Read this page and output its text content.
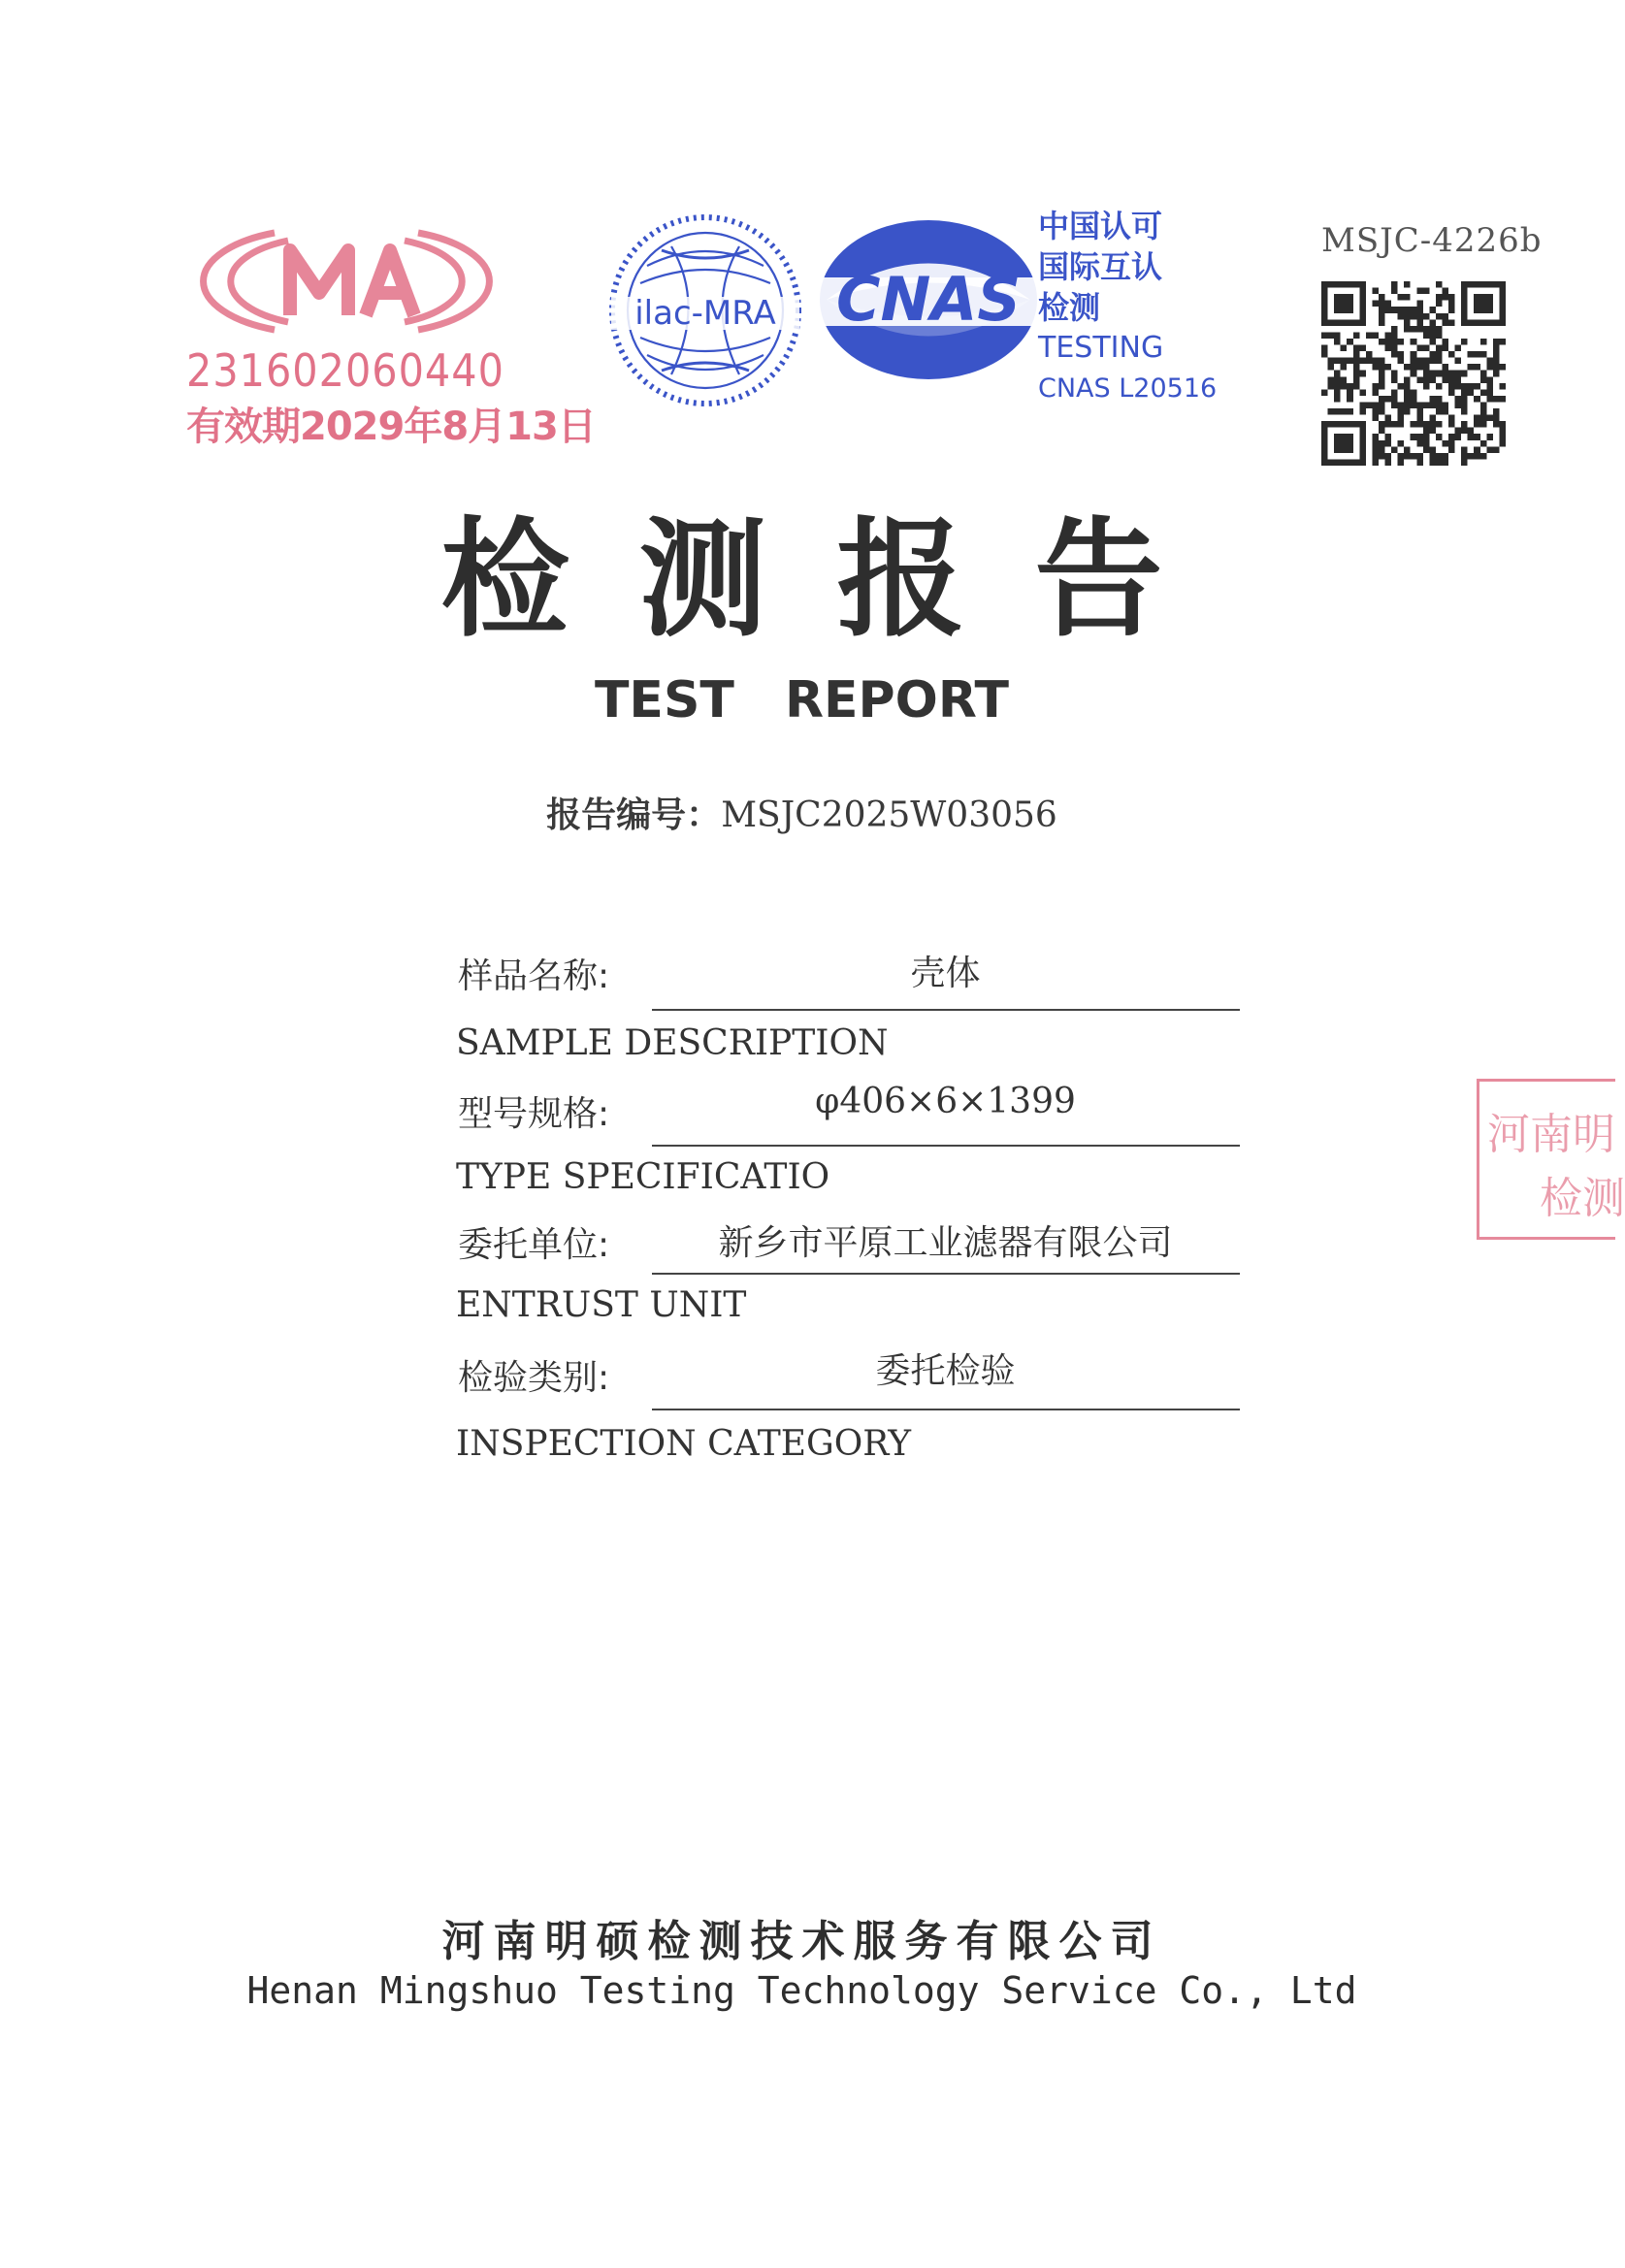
231602060440
有效期2029年8月13日
ilac-MRA CNAS
中国认可
国际互认
检测
TESTING
CNAS L20516
MSJC-4226b
检测报告
TEST REPORT
报告编号：MSJC2025W03056
样品名称:	壳体
SAMPLE DESCRIPTION
型号规格:	φ406×6×1399
TYPE SPECIFICATIO
委托单位:	新乡市平原工业滤器有限公司
ENTRUST UNIT
检验类别:	委托检验
INSPECTION CATEGORY
河南明
检测
河南明硕检测技术服务有限公司
Henan Mingshuo Testing Technology Service Co., Ltd
